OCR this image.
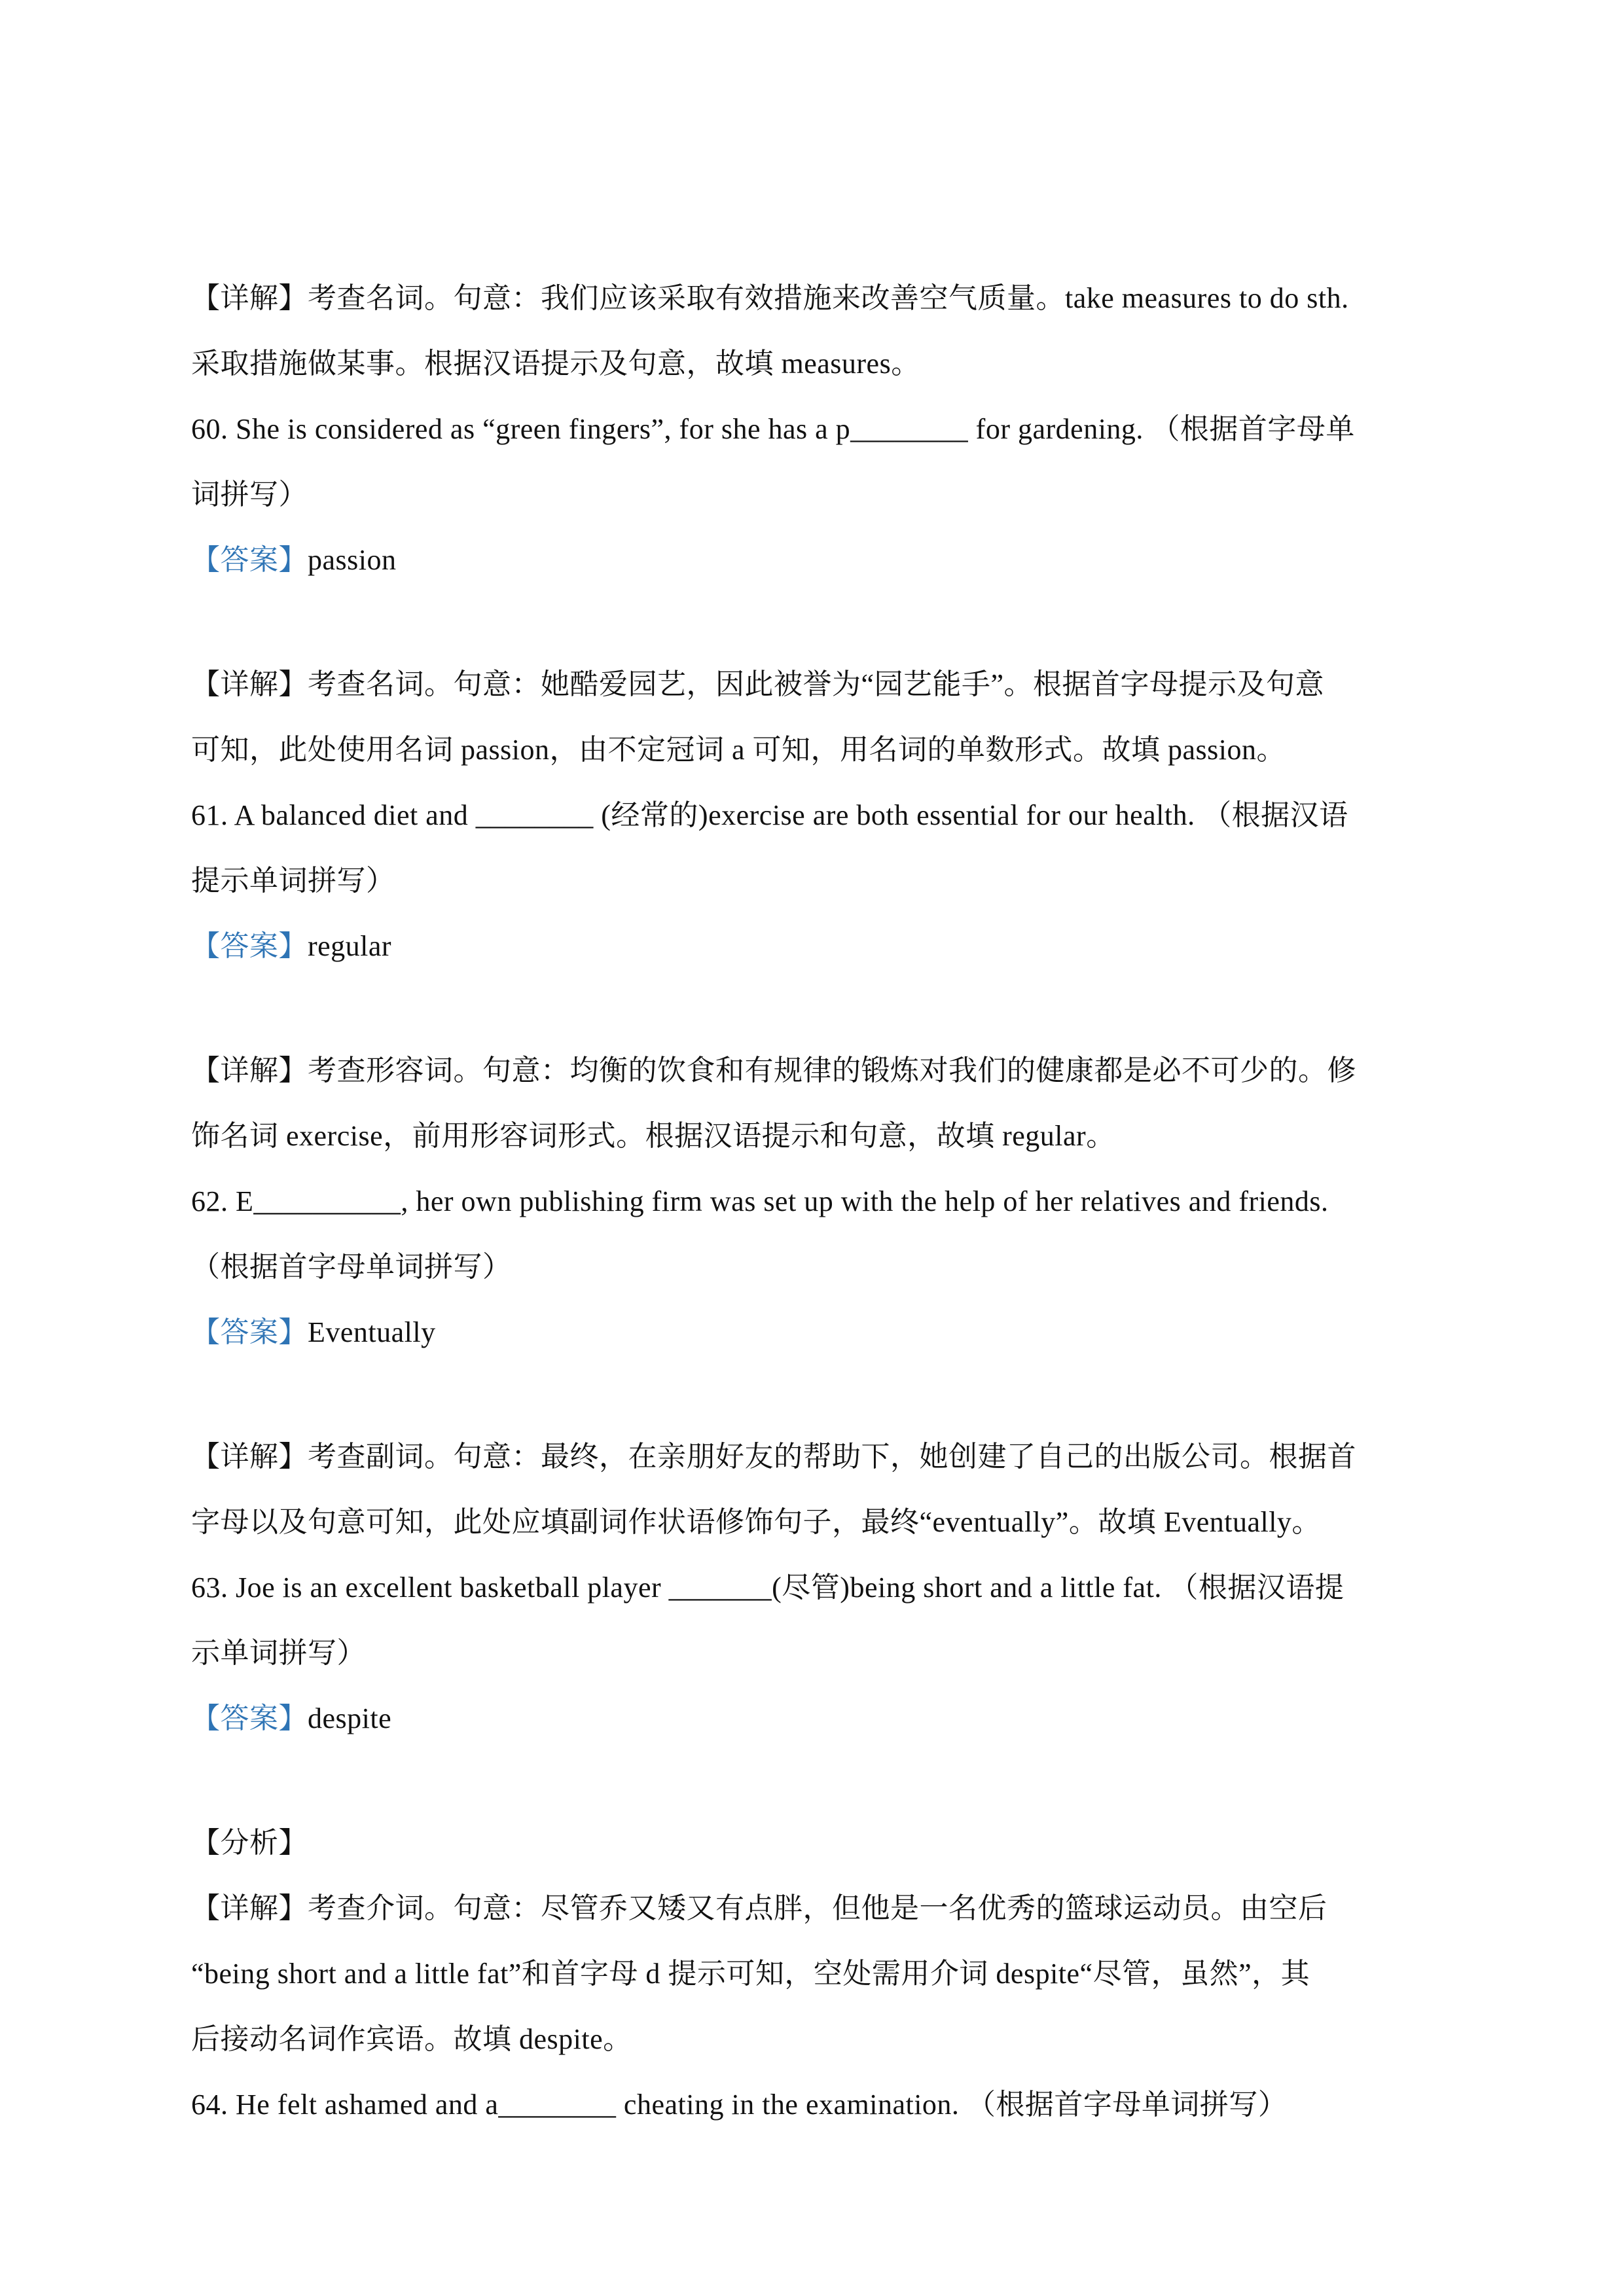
【详解】考查名词。句意：我们应该采取有效措施来改善空气质量。take measures to do sth.
采取措施做某事。根据汉语提示及句意，故填 measures。
60. She is considered as “green fingers”, for she has a p________ for gardening. （根据首字母单
词拼写）
【答案】passion
【详解】考查名词。句意：她酷爱园艺，因此被誉为“园艺能手”。根据首字母提示及句意
可知，此处使用名词 passion，由不定冠词 a 可知，用名词的单数形式。故填 passion。
61. A balanced diet and ________ (经常的)exercise are both essential for our health. （根据汉语
提示单词拼写）
【答案】regular
【详解】考查形容词。句意：均衡的饮食和有规律的锻炼对我们的健康都是必不可少的。修
饰名词 exercise，前用形容词形式。根据汉语提示和句意，故填 regular。
62. E__________, her own publishing firm was set up with the help of her relatives and friends.
（根据首字母单词拼写）
【答案】Eventually
【详解】考查副词。句意：最终，在亲朋好友的帮助下，她创建了自己的出版公司。根据首
字母以及句意可知，此处应填副词作状语修饰句子，最终“eventually”。故填 Eventually。
63. Joe is an excellent basketball player _______(尽管)being short and a little fat. （根据汉语提
示单词拼写）
【答案】despite
【分析】
【详解】考查介词。句意：尽管乔又矮又有点胖，但他是一名优秀的篮球运动员。由空后
“being short and a little fat”和首字母 d 提示可知，空处需用介词 despite“尽管，虽然”，其
后接动名词作宾语。故填 despite。
64. He felt ashamed and a________ cheating in the examination. （根据首字母单词拼写）
